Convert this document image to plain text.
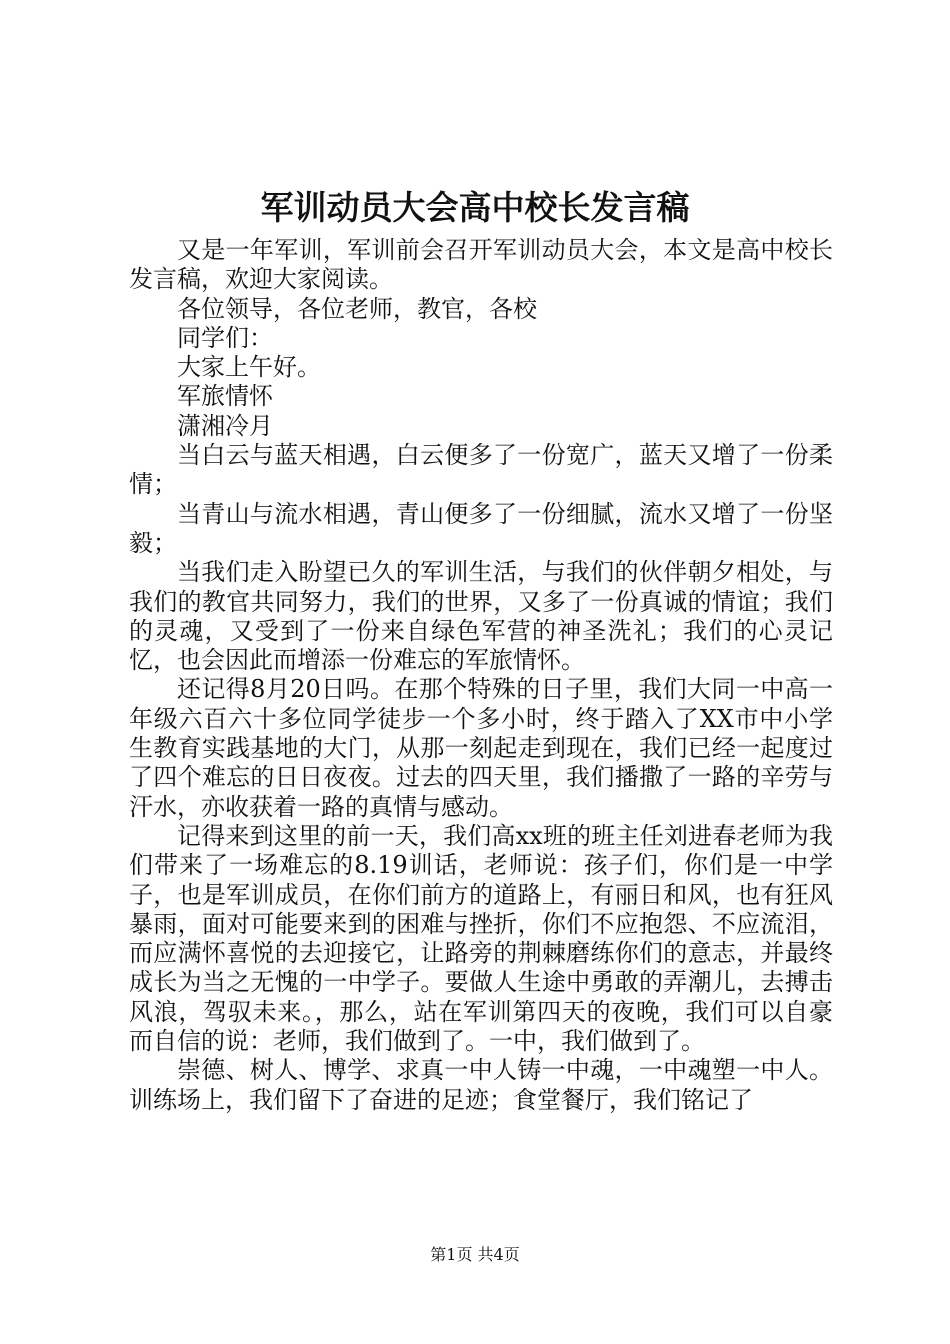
军训动员大会高中校长发言稿

又是一年军训，军训前会召开军训动员大会，本文是高中校长发言稿，欢迎大家阅读。

各位领导，各位老师，教官，各校

同学们：

大家上午好。

军旅情怀

潇湘冷月

当白云与蓝天相遇，白云便多了一份宽广，蓝天又增了一份柔情；

当青山与流水相遇，青山便多了一份细腻，流水又增了一份坚毅；

当我们走入盼望已久的军训生活，与我们的伙伴朝夕相处，与我们的教官共同努力，我们的世界，又多了一份真诚的情谊；我们的灵魂，又受到了一份来自绿色军营的神圣洗礼；我们的心灵记忆，也会因此而增添一份难忘的军旅情怀。

还记得8月20日吗。在那个特殊的日子里，我们大同一中高一年级六百六十多位同学徒步一个多小时，终于踏入了XX市中小学生教育实践基地的大门，从那一刻起走到现在，我们已经一起度过了四个难忘的日日夜夜。过去的四天里，我们播撒了一路的辛劳与汗水，亦收获着一路的真情与感动。

记得来到这里的前一天，我们高xx班的班主任刘进春老师为我们带来了一场难忘的8.19训话，老师说：孩子们，你们是一中学子，也是军训成员，在你们前方的道路上，有丽日和风，也有狂风暴雨，面对可能要来到的困难与挫折，你们不应抱怨、不应流泪，而应满怀喜悦的去迎接它，让路旁的荆棘磨练你们的意志，并最终成长为当之无愧的一中学子。要做人生途中勇敢的弄潮儿，去搏击风浪，驾驭未来。，那么，站在军训第四天的夜晚，我们可以自豪而自信的说：老师，我们做到了。一中，我们做到了。

崇德、树人、博学、求真一中人铸一中魂，一中魂塑一中人。训练场上，我们留下了奋进的足迹；食堂餐厅，我们铭记了

第1页 共4页
